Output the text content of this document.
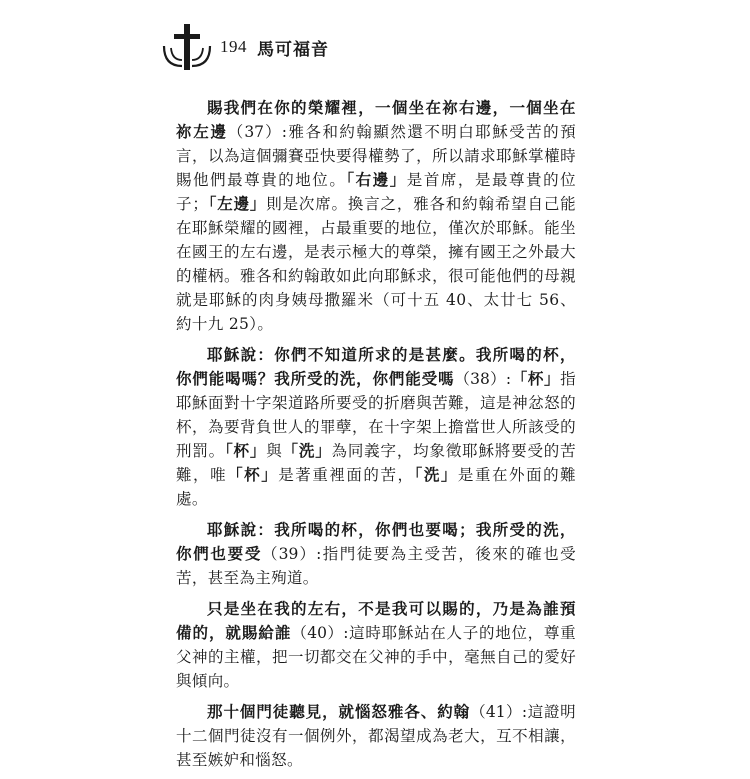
194 馬可福音

賜我們在你的榮耀裡，一個坐在祢右邊，一個坐在祢左邊（37）:雅各和約翰顯然還不明白耶穌受苦的預言，以為這個彌賽亞快要得權勢了，所以請求耶穌掌權時賜他們最尊貴的地位。「右邊」是首席，是最尊貴的位子；「左邊」則是次席。換言之，雅各和約翰希望自己能在耶穌榮耀的國裡，占最重要的地位，僅次於耶穌。能坐在國王的左右邊，是表示極大的尊榮，擁有國王之外最大的權柄。雅各和約翰敢如此向耶穌求，很可能他們的母親就是耶穌的肉身姨母撒羅米（可十五 40、太廿七 56、約十九 25）。

耶穌說：你們不知道所求的是甚麼。我所喝的杯，你們能喝嗎？我所受的洗，你們能受嗎（38）:「杯」指耶穌面對十字架道路所要受的折磨與苦難，這是神忿怒的杯，為要背負世人的罪孽，在十字架上擔當世人所該受的刑罰。「杯」與「洗」為同義字，均象徵耶穌將要受的苦難，唯「杯」是著重裡面的苦，「洗」是重在外面的難處。

耶穌說：我所喝的杯，你們也要喝；我所受的洗，你們也要受（39）:指門徒要為主受苦，後來的確也受苦，甚至為主殉道。

只是坐在我的左右，不是我可以賜的，乃是為誰預備的，就賜給誰（40）:這時耶穌站在人子的地位，尊重父神的主權，把一切都交在父神的手中，毫無自己的愛好與傾向。

那十個門徒聽見，就惱怒雅各、約翰（41）:這證明十二個門徒沒有一個例外，都渴望成為老大，互不相讓，甚至嫉妒和惱怒。
